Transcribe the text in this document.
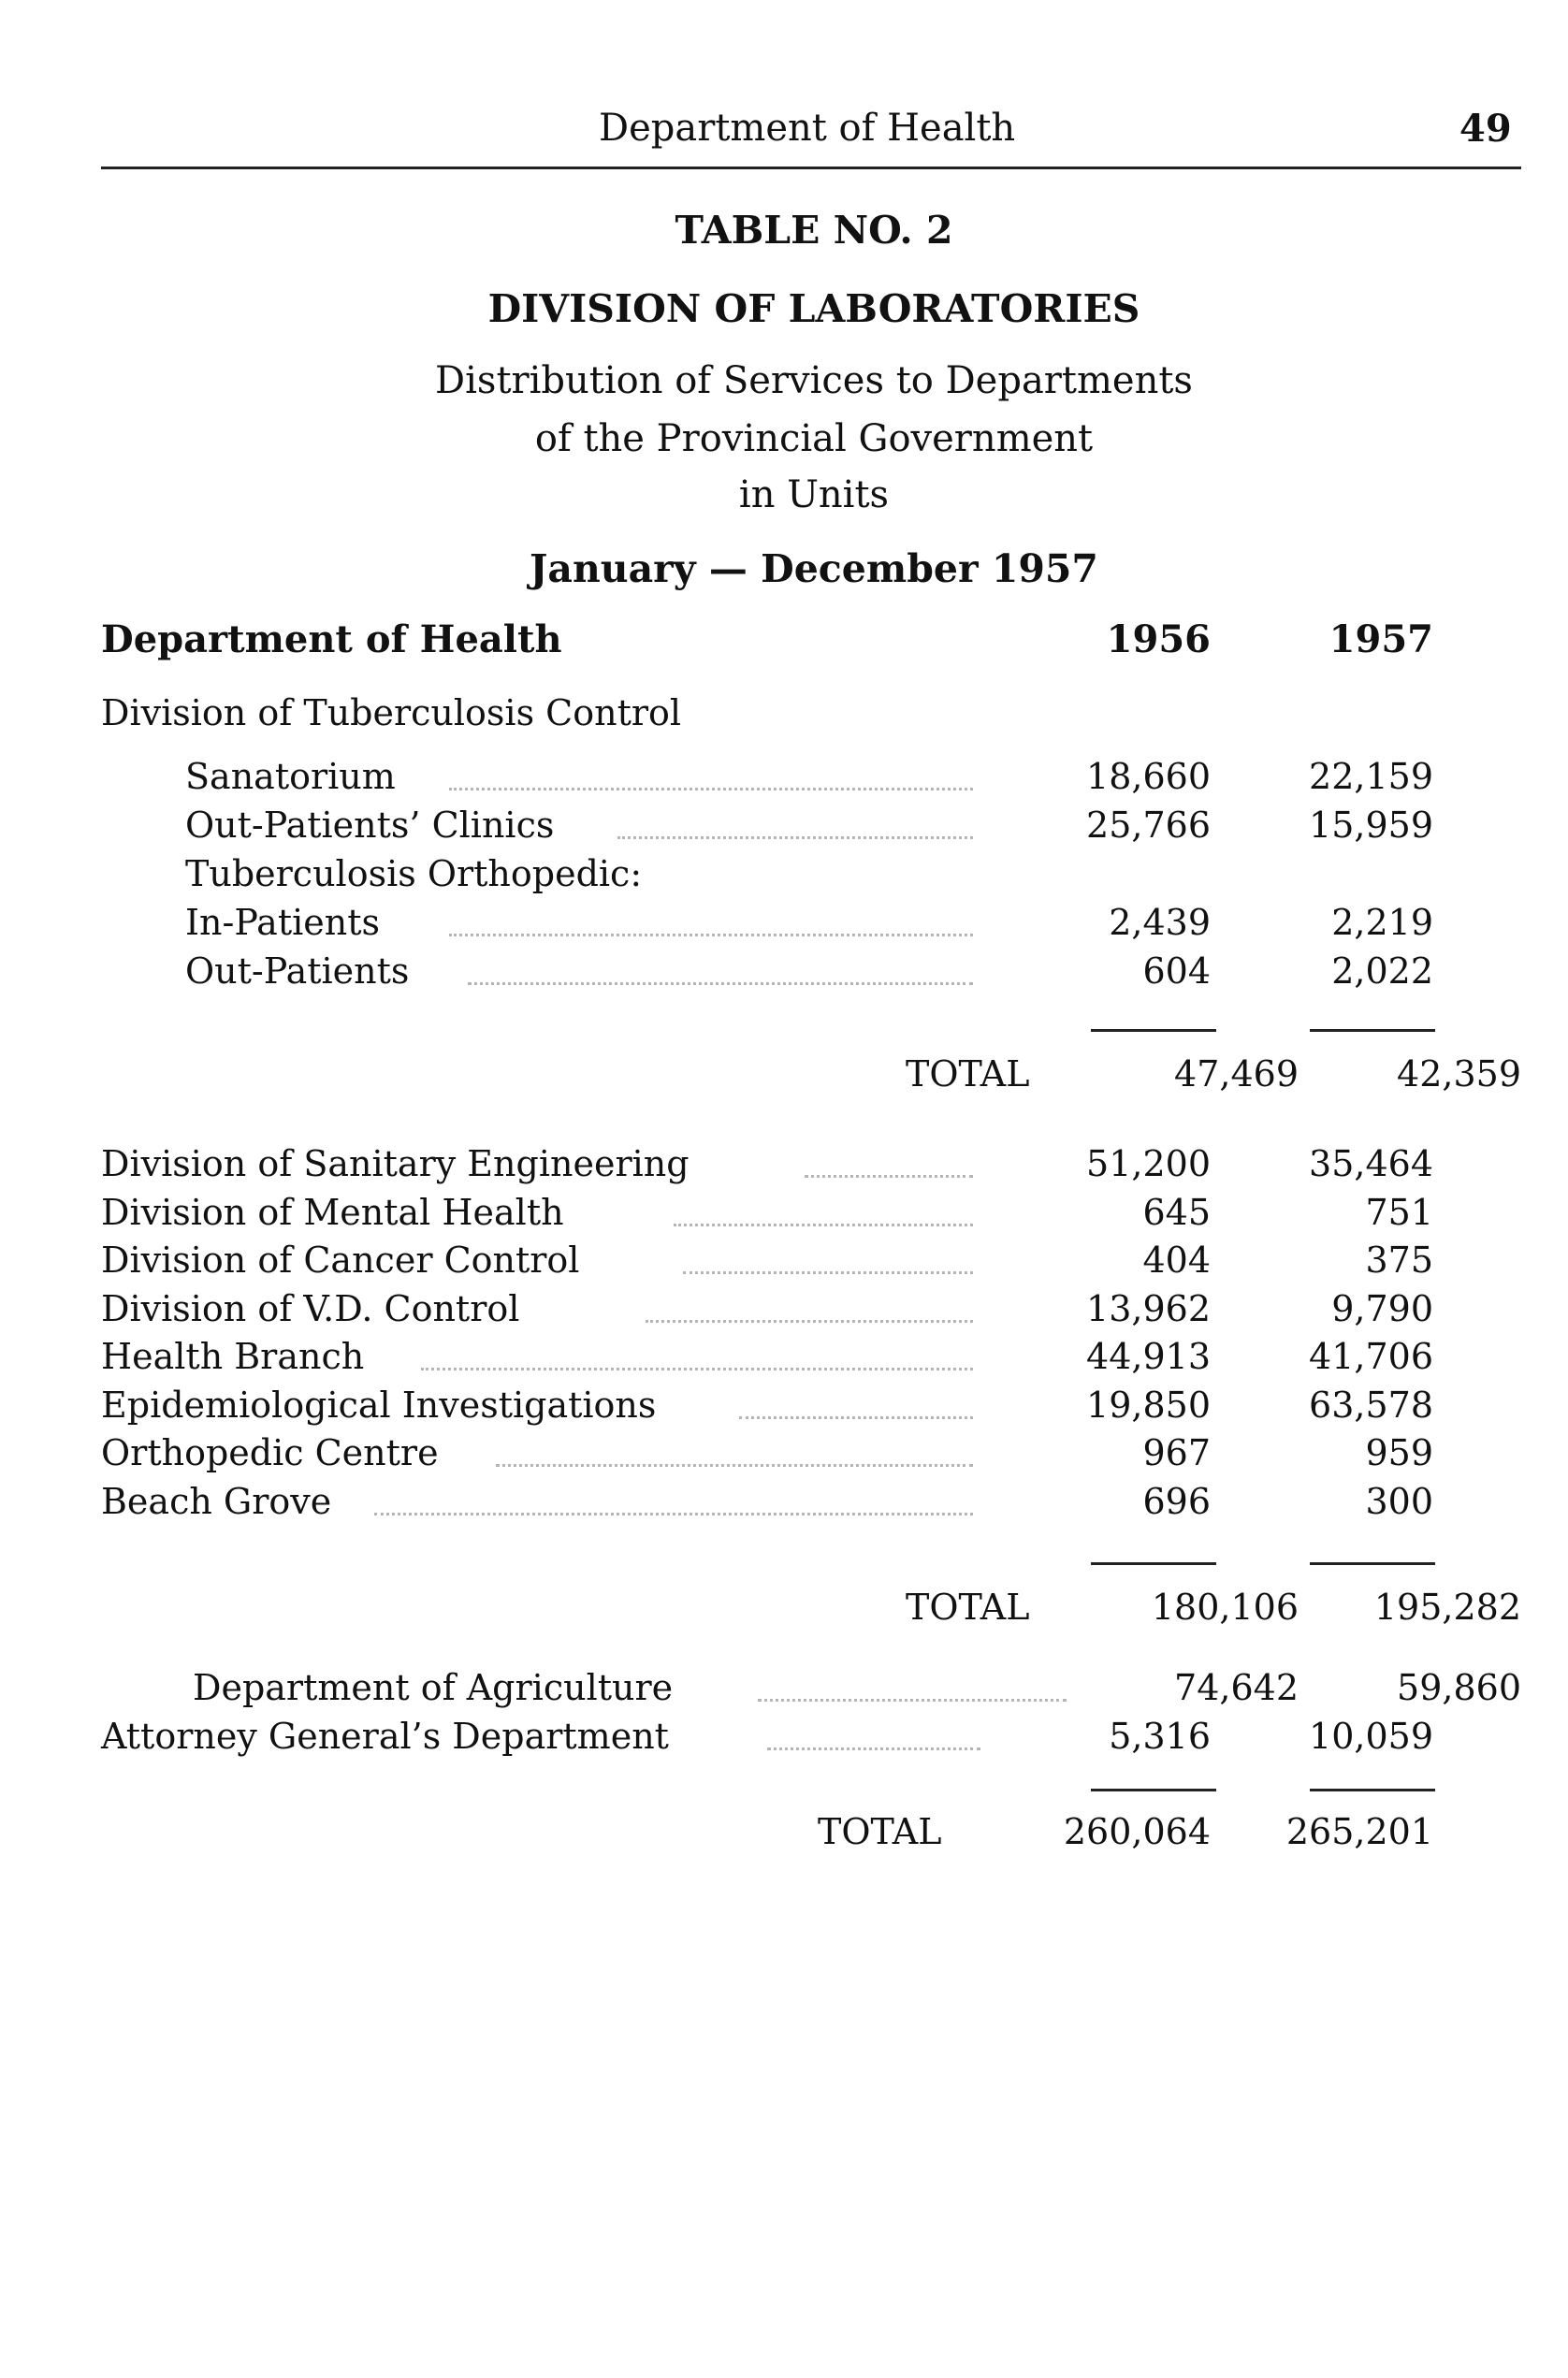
Department of Health	49
TABLE NO. 2
DIVISION OF LABORATORIES
Distribution of Services to Departments
of the Provincial Government
in Units
January — December 1957
Department of Health	1956	1957
Division of Tuberculosis Control
Sanatorium	18,660	22,159
Out-Patients’ Clinics	25,766	15,959
Tuberculosis Orthopedic:
In-Patients	2,439	2,219
Out-Patients	604	2,022
TOTAL	47,469	42,359
Division of Sanitary Engineering	51,200	35,464
Division of Mental Health	645	751
Division of Cancer Control	404	375
Division of V.D. Control	13,962	9,790
Health Branch	44,913	41,706
Epidemiological Investigations	19,850	63,578
Orthopedic Centre	967	959
Beach Grove	696	300
TOTAL	180,106	195,282
Department of Agriculture	74,642	59,860
Attorney General’s Department	5,316	10,059
TOTAL	260,064	265,201
